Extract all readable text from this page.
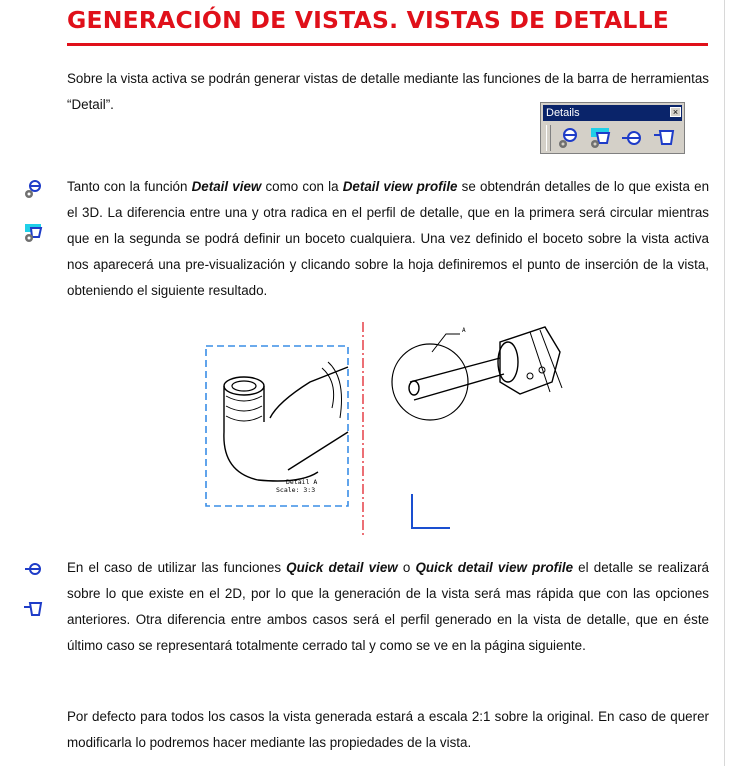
GENERACIÓN DE VISTAS. VISTAS DE DETALLE

Sobre la vista activa se podrán generar vistas de detalle mediante las funciones de la barra de herramientas “Detail”.

Details	×

Tanto con la función Detail view como con la Detail view profile se obtendrán detalles de lo que exista en el 3D. La diferencia entre una y otra radica en el perfil de detalle, que en la primera será circular mientras que en la segunda se podrá definir un boceto cualquiera. Una vez definido el boceto sobre la vista activa nos aparecerá una pre-visualización y clicando sobre la hoja definiremos el punto de inserción de la vista, obteniendo el siguiente resultado.

Detail A
Scale: 3:3
A

En el caso de utilizar las funciones Quick detail view o Quick detail view profile el detalle se realizará sobre lo que existe en el 2D, por lo que la generación de la vista será mas rápida que con las opciones anteriores. Otra diferencia entre ambos casos será el perfil generado en la vista de detalle, que en éste último caso se representará totalmente cerrado tal y como se ve en la página siguiente.

Por defecto para todos los casos la vista generada estará a escala 2:1 sobre la original. En caso de querer modificarla lo podremos hacer mediante las propiedades de la vista.
